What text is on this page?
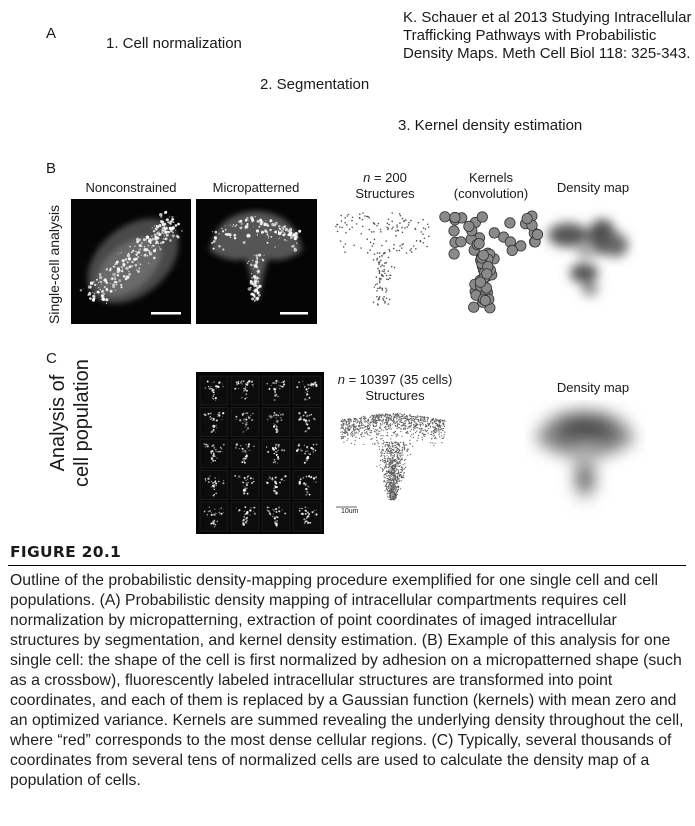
A
1. Cell normalization
2. Segmentation
3. Kernel density estimation
K. Schauer et al 2013 Studying Intracellular Trafficking Pathways with Probabilistic Density Maps. Meth Cell Biol 118: 325-343.
B
Single-cell analysis
Nonconstrained	Micropatterned
n = 200
Structures
Kernels
(convolution)	Density map
C
Analysis of cell population	n = 10397 (35 cells)
Structures
Density map
10um
FIGURE 20.1
Outline of the probabilistic density-mapping procedure exemplified for one single cell and cell populations. (A) Probabilistic density mapping of intracellular compartments requires cell normalization by micropatterning, extraction of point coordinates of imaged intracellular structures by segmentation, and kernel density estimation. (B) Example of this analysis for one single cell: the shape of the cell is first normalized by adhesion on a micropatterned shape (such as a crossbow), fluorescently labeled intracellular structures are transformed into point coordinates, and each of them is replaced by a Gaussian function (kernels) with mean zero and an optimized variance. Kernels are summed revealing the underlying density throughout the cell, where “red” corresponds to the most dense cellular regions. (C) Typically, several thousands of coordinates from several tens of normalized cells are used to calculate the density map of a population of cells.
